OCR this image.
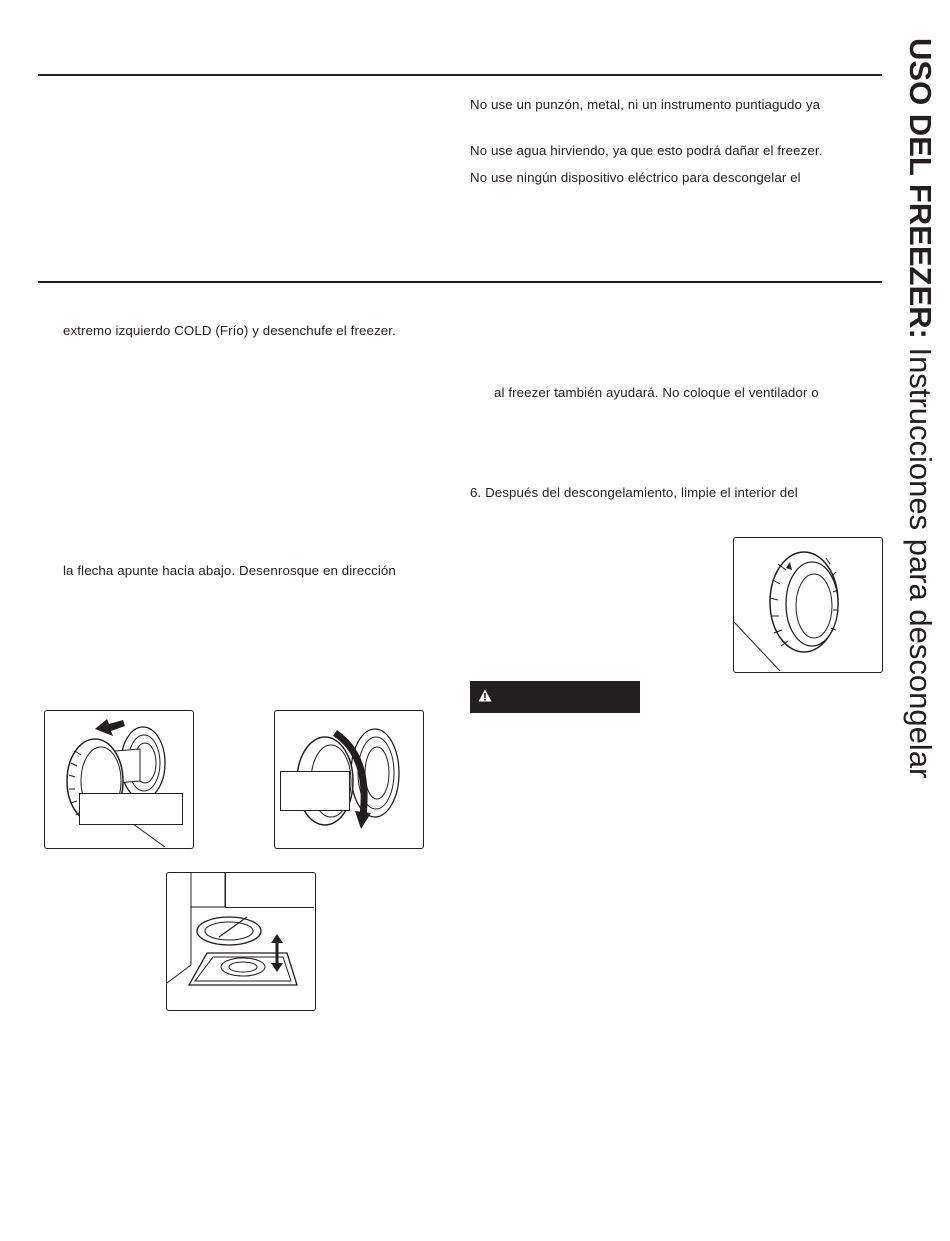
No use un punzón, metal, ni un instrumento puntiagudo ya
No use agua hirviendo, ya que esto podrá dañar el freezer.
No use ningún dispositivo eléctrico para descongelar el
extremo izquierdo COLD (Frío) y desenchufe el freezer.
la flecha apunte hacia abajo. Desenrosque en dirección
al freezer también ayudará. No coloque el ventilador o
6. Después del descongelamiento, limpie el interior del
USO DEL FREEZER: Instrucciones para descongelar
